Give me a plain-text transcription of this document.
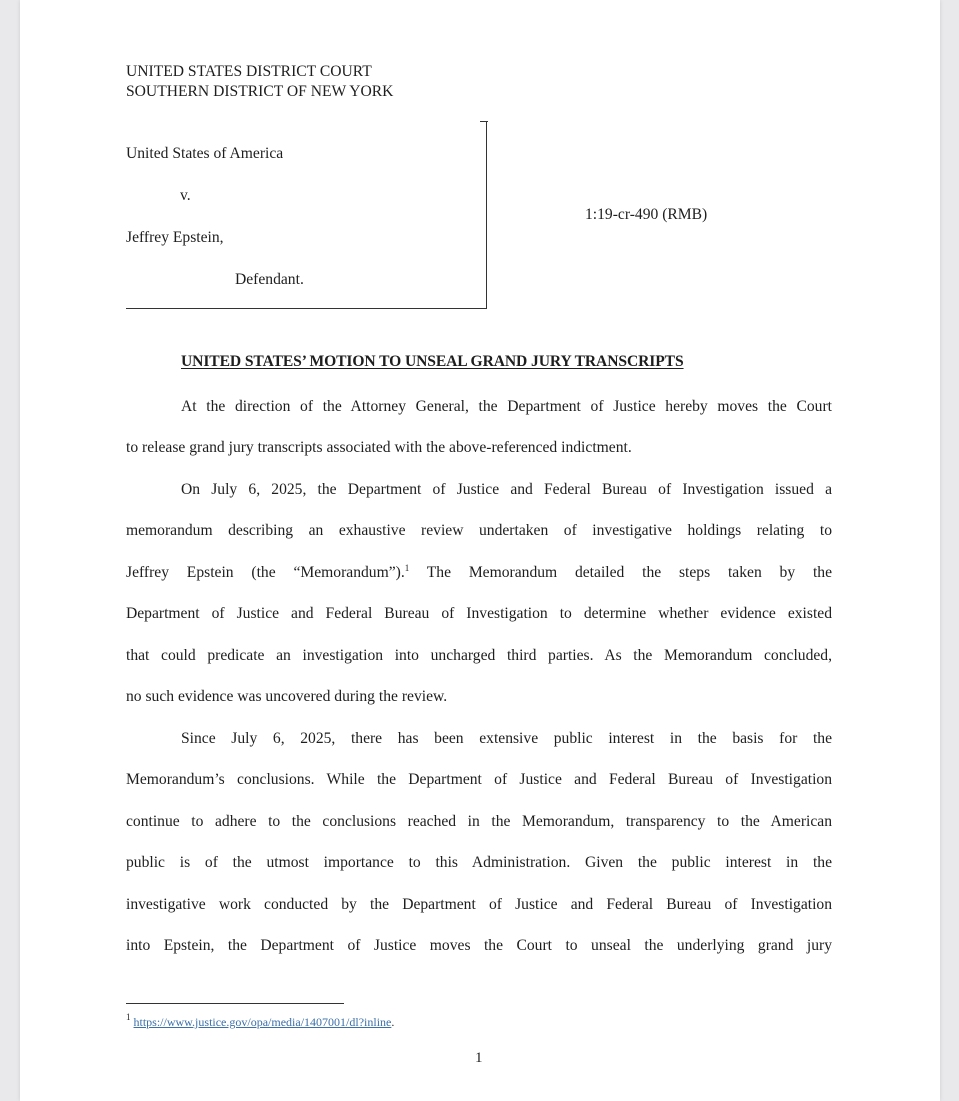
UNITED STATES DISTRICT COURT
SOUTHERN DISTRICT OF NEW YORK
United States of America
v.
Jeffrey Epstein,
Defendant.
1:19-cr-490 (RMB)
UNITED STATES’ MOTION TO UNSEAL GRAND JURY TRANSCRIPTS
At the direction of the Attorney General, the Department of Justice hereby moves the Court
to release grand jury transcripts associated with the above-referenced indictment.
On July 6, 2025, the Department of Justice and Federal Bureau of Investigation issued a
memorandum describing an exhaustive review undertaken of investigative holdings relating to
Jeffrey Epstein (the “Memorandum”).$^1$ The Memorandum detailed the steps taken by the
Department of Justice and Federal Bureau of Investigation to determine whether evidence existed
that could predicate an investigation into uncharged third parties. As the Memorandum concluded,
no such evidence was uncovered during the review.
Since July 6, 2025, there has been extensive public interest in the basis for the
Memorandum’s conclusions. While the Department of Justice and Federal Bureau of Investigation
continue to adhere to the conclusions reached in the Memorandum, transparency to the American
public is of the utmost importance to this Administration. Given the public interest in the
investigative work conducted by the Department of Justice and Federal Bureau of Investigation
into Epstein, the Department of Justice moves the Court to unseal the underlying grand jury
$^1$ https://www.justice.gov/opa/media/1407001/dl?inline.
1
